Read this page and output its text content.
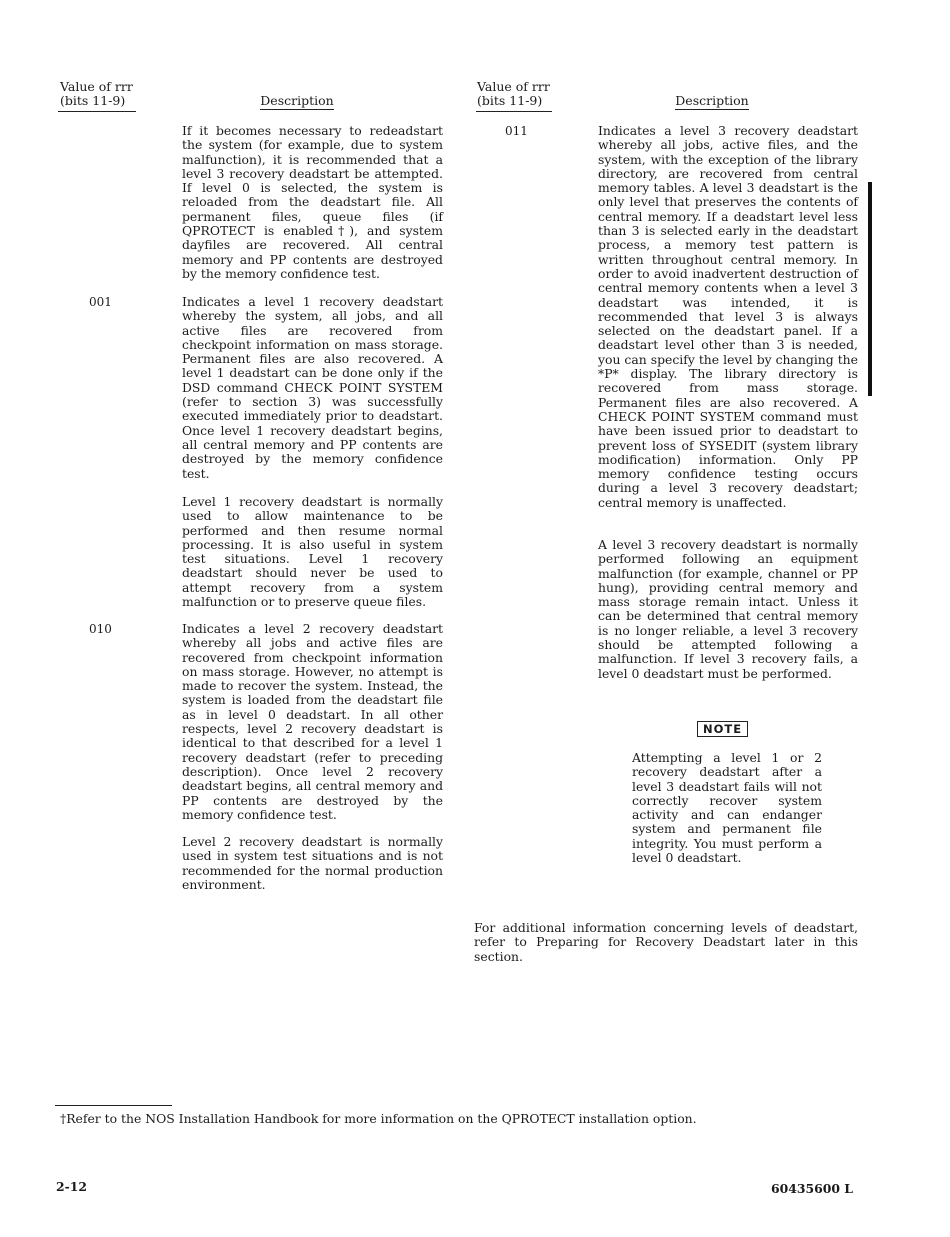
Value of rrr
(bits 11-9)	Description

If it becomes necessary to redeadstart the system (for example, due to system malfunction), it is recommended that a level 3 recovery deadstart be attempted. If level 0 is selected, the system is reloaded from the deadstart file. All permanent files, queue files (if QPROTECT is enabled†), and system dayfiles are recovered. All central memory and PP contents are destroyed by the memory confidence test.

001	Indicates a level 1 recovery deadstart whereby the system, all jobs, and all active files are recovered from checkpoint information on mass storage. Permanent files are also recovered. A level 1 deadstart can be done only if the DSD command CHECK POINT SYSTEM (refer to section 3) was successfully executed immediately prior to deadstart. Once level 1 recovery deadstart begins, all central memory and PP contents are destroyed by the memory confidence test.

Level 1 recovery deadstart is normally used to allow maintenance to be performed and then resume normal processing. It is also useful in system test situations. Level 1 recovery deadstart should never be used to attempt recovery from a system malfunction or to preserve queue files.

010	Indicates a level 2 recovery deadstart whereby all jobs and active files are recovered from checkpoint information on mass storage. However, no attempt is made to recover the system. Instead, the system is loaded from the deadstart file as in level 0 deadstart. In all other respects, level 2 recovery deadstart is identical to that described for a level 1 recovery deadstart (refer to preceding description). Once level 2 recovery deadstart begins, all central memory and PP contents are destroyed by the memory confidence test.

Level 2 recovery deadstart is normally used in system test situations and is not recommended for the normal production environment.

Value of rrr
(bits 11-9)	Description
011	Indicates a level 3 recovery deadstart whereby all jobs, active files, and the system, with the exception of the library directory, are recovered from central memory tables. A level 3 deadstart is the only level that preserves the contents of central memory. If a deadstart level less than 3 is selected early in the deadstart process, a memory test pattern is written throughout central memory. In order to avoid inadvertent destruction of central memory contents when a level 3 deadstart was intended, it is recommended that level 3 is always selected on the deadstart panel. If a deadstart level other than 3 is needed, you can specify the level by changing the *P* display. The library directory is recovered from mass storage. Permanent files are also recovered. A CHECK POINT SYSTEM command must have been issued prior to deadstart to prevent loss of SYSEDIT (system library modification) information. Only PP memory confidence testing occurs during a level 3 recovery deadstart; central memory is unaffected.

A level 3 recovery deadstart is normally performed following an equipment malfunction (for example, channel or PP hung), providing central memory and mass storage remain intact. Unless it can be determined that central memory is no longer reliable, a level 3 recovery should be attempted following a malfunction. If level 3 recovery fails, a level 0 deadstart must be performed.

NOTE

Attempting a level 1 or 2 recovery deadstart after a level 3 deadstart fails will not correctly recover system activity and can endanger system and permanent file integrity. You must perform a level 0 deadstart.

For additional information concerning levels of deadstart, refer to Preparing for Recovery Deadstart later in this section.

†Refer to the NOS Installation Handbook for more information on the QPROTECT installation option.
2-12	60435600 L
